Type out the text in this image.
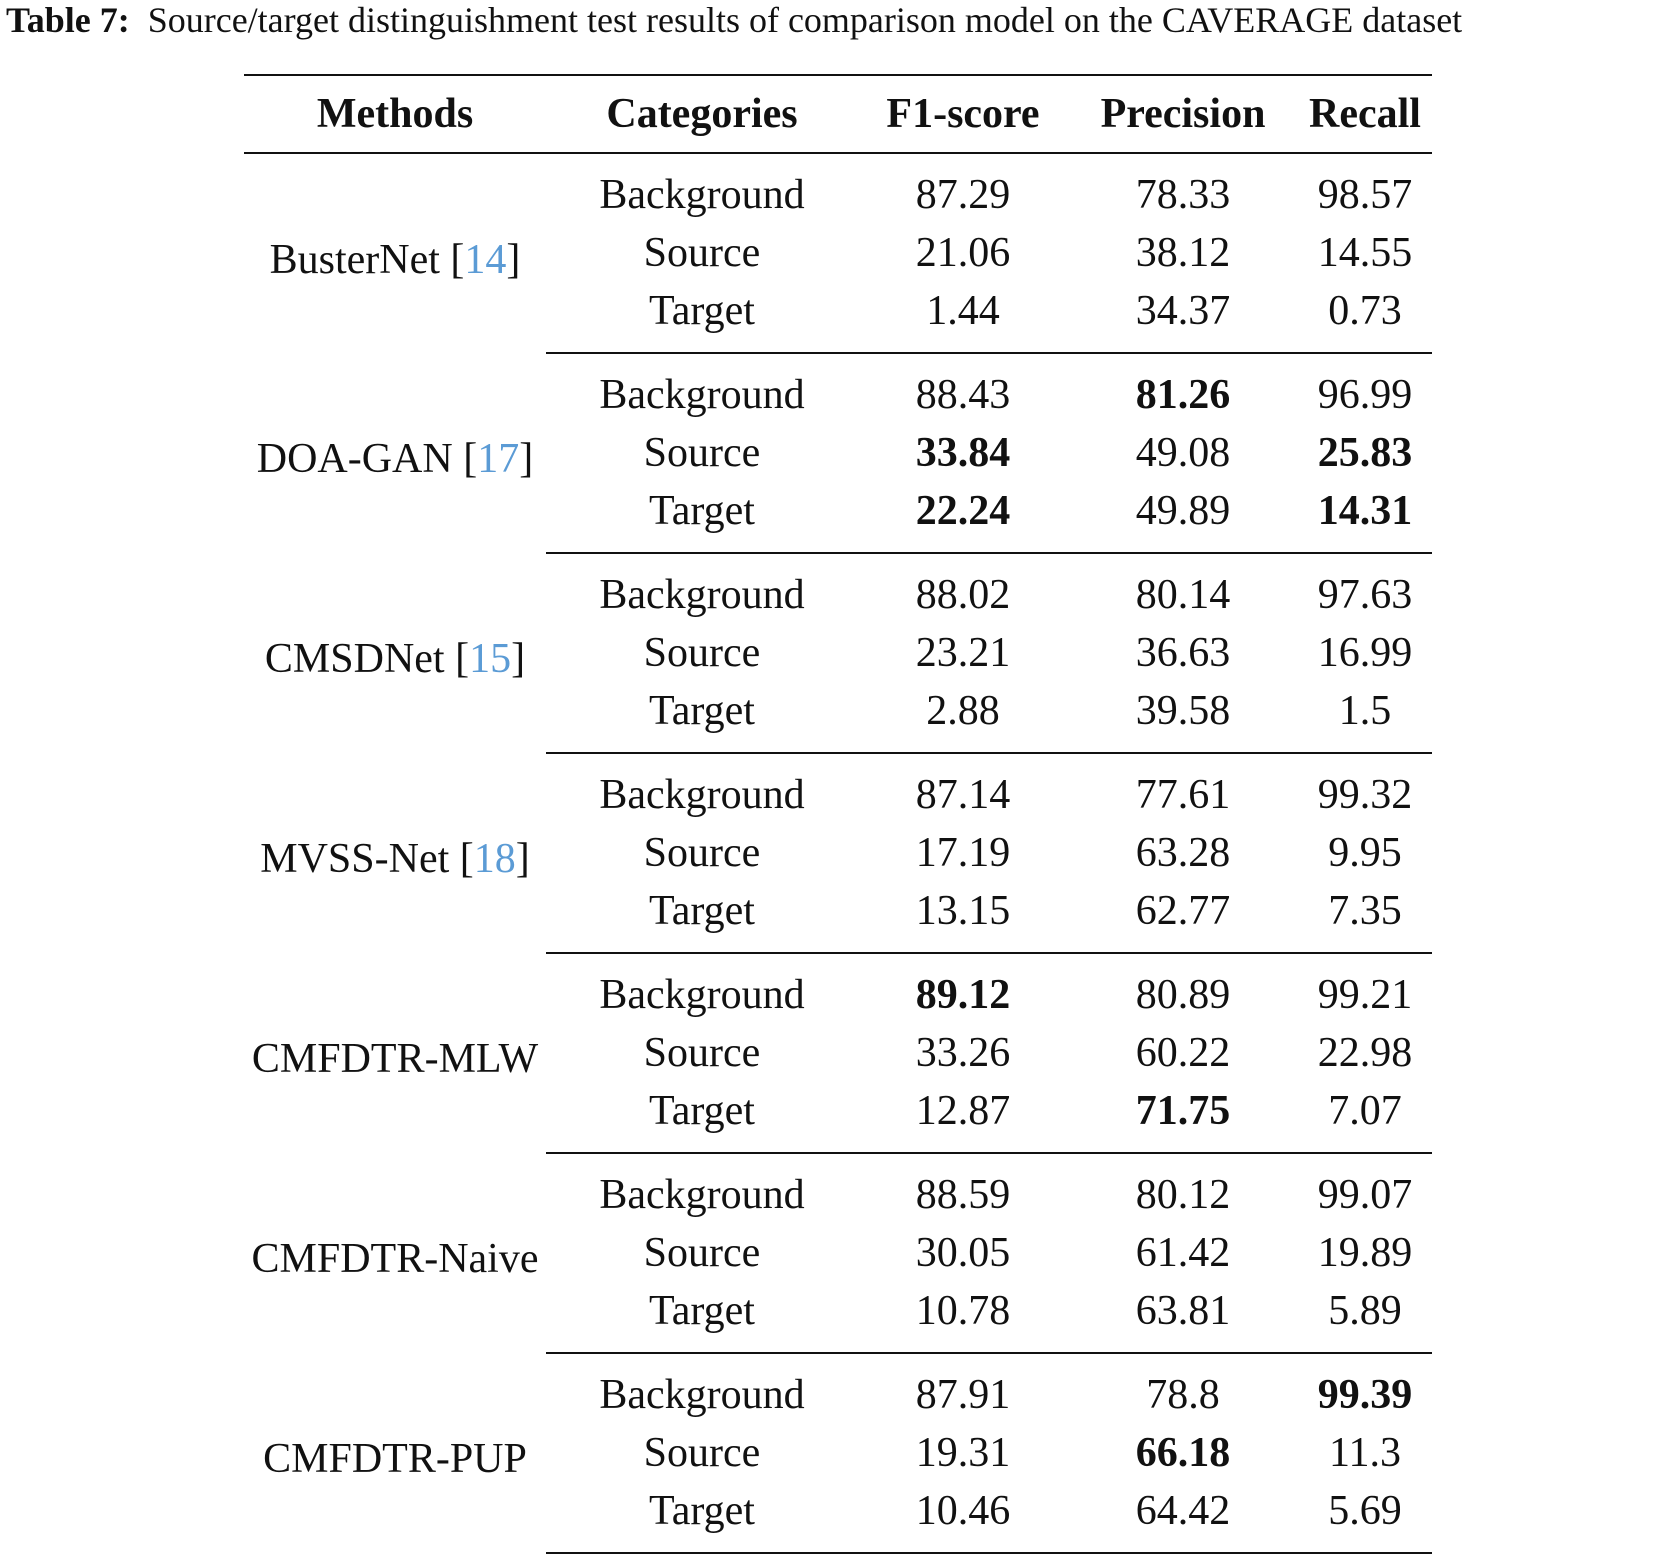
Table 7: Source/target distinguishment test results of comparison model on the CAVERAGE dataset
Methods	Categories	F1-score	Precision	Recall
BusterNet [14]	Background	87.29	78.33	98.57
	Source	21.06	38.12	14.55
	Target	1.44	34.37	0.73
DOA-GAN [17]	Background	88.43	81.26	96.99
	Source	33.84	49.08	25.83
	Target	22.24	49.89	14.31
CMSDNet [15]	Background	88.02	80.14	97.63
	Source	23.21	36.63	16.99
	Target	2.88	39.58	1.5
MVSS-Net [18]	Background	87.14	77.61	99.32
	Source	17.19	63.28	9.95
	Target	13.15	62.77	7.35
CMFDTR-MLW	Background	89.12	80.89	99.21
	Source	33.26	60.22	22.98
	Target	12.87	71.75	7.07
CMFDTR-Naive	Background	88.59	80.12	99.07
	Source	30.05	61.42	19.89
	Target	10.78	63.81	5.89
CMFDTR-PUP	Background	87.91	78.8	99.39
	Source	19.31	66.18	11.3
	Target	10.46	64.42	5.69
